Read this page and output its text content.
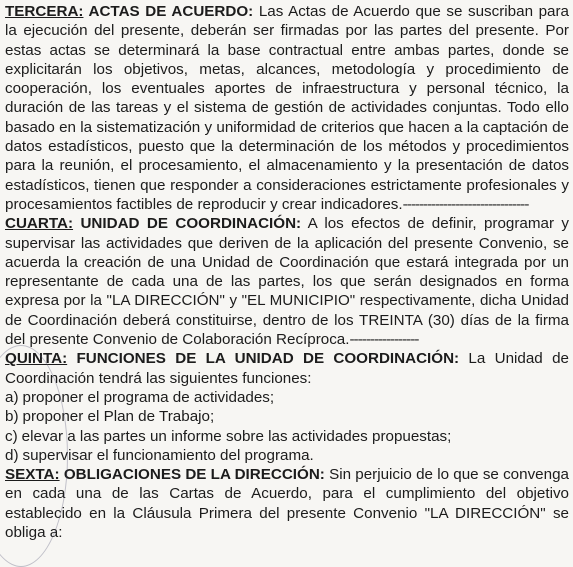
TERCERA: ACTAS DE ACUERDO: Las Actas de Acuerdo que se suscriban para la ejecución del presente, deberán ser firmadas por las partes del presente. Por estas actas se determinará la base contractual entre ambas partes, donde se explicitarán los objetivos, metas, alcances, metodología y procedimiento de cooperación, los eventuales aportes de infraestructura y personal técnico, la duración de las tareas y el sistema de gestión de actividades conjuntas. Todo ello basado en la sistematización y uniformidad de criterios que hacen a la captación de datos estadísticos, puesto que la determinación de los métodos y procedimientos para la reunión, el procesamiento, el almacenamiento y la presentación de datos estadísticos, tienen que responder a consideraciones estrictamente profesionales y procesamientos factibles de reproducir y crear indicadores.-------------------------------

CUARTA: UNIDAD DE COORDINACIÓN: A los efectos de definir, programar y supervisar las actividades que deriven de la aplicación del presente Convenio, se acuerda la creación de una Unidad de Coordinación que estará integrada por un representante de cada una de las partes, los que serán designados en forma expresa por la "LA DIRECCIÓN" y "EL MUNICIPIO" respectivamente, dicha Unidad de Coordinación deberá constituirse, dentro de los TREINTA (30) días de la firma del presente Convenio de Colaboración Recíproca.-----------------

QUINTA: FUNCIONES DE LA UNIDAD DE COORDINACIÓN: La Unidad de Coordinación tendrá las siguientes funciones:

a) proponer el programa de actividades;
b) proponer el Plan de Trabajo;
c) elevar a las partes un informe sobre las actividades propuestas;
d) supervisar el funcionamiento del programa.

SEXTA: OBLIGACIONES DE LA DIRECCIÓN: Sin perjuicio de lo que se convenga en cada una de las Cartas de Acuerdo, para el cumplimiento del objetivo establecido en la Cláusula Primera del presente Convenio "LA DIRECCIÓN" se obliga a:
